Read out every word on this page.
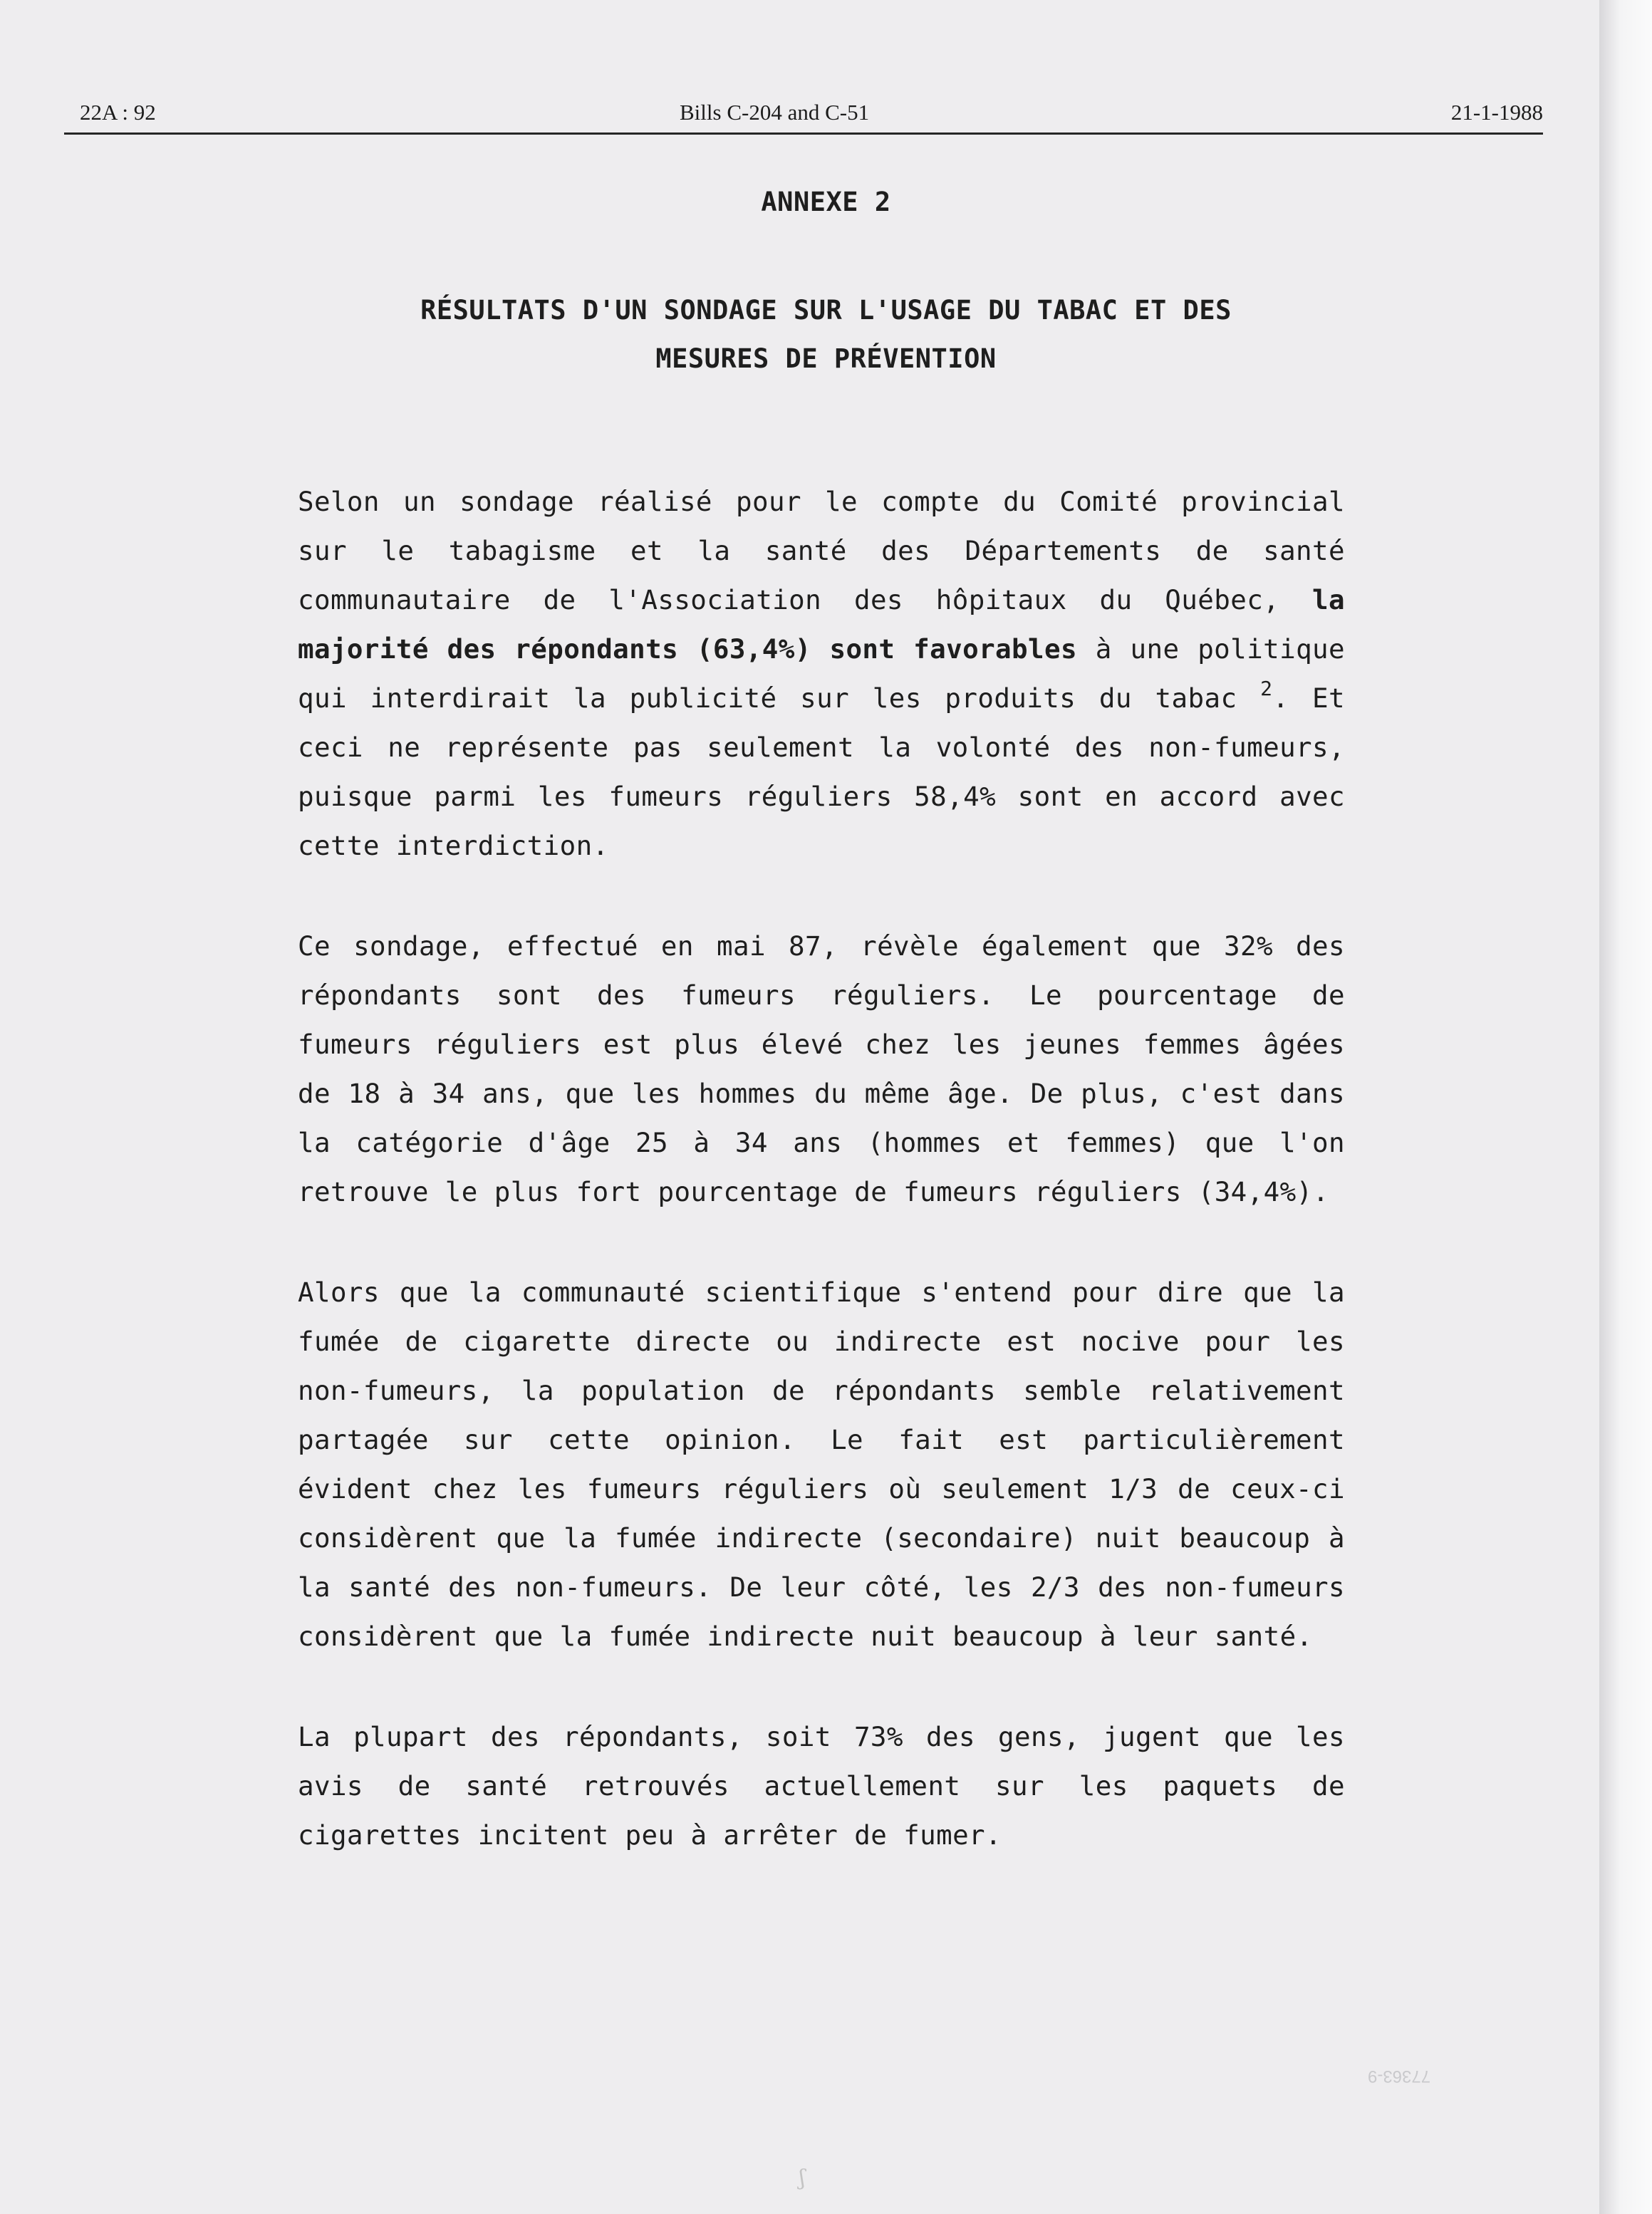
22A : 92	Bills C-204 and C-51	21-1-1988
ANNEXE 2
RÉSULTATS D'UN SONDAGE SUR L'USAGE DU TABAC ET DES
MESURES DE PRÉVENTION

Selon un sondage réalisé pour le compte du Comité provincial sur le tabagisme et la santé des Départements de santé communautaire de l'Association des hôpitaux du Québec, la majorité des répondants (63,4%) sont favorables à une politique qui interdirait la publicité sur les produits du tabac $^2$. Et ceci ne représente pas seulement la volonté des non-fumeurs, puisque parmi les fumeurs réguliers 58,4% sont en accord avec cette interdiction.

Ce sondage, effectué en mai 87, révèle également que 32% des répondants sont des fumeurs réguliers. Le pourcentage de fumeurs réguliers est plus élevé chez les jeunes femmes âgées de 18 à 34 ans, que les hommes du même âge. De plus, c'est dans la catégorie d'âge 25 à 34 ans (hommes et femmes) que l'on retrouve le plus fort pourcentage de fumeurs réguliers (34,4%).

Alors que la communauté scientifique s'entend pour dire que la fumée de cigarette directe ou indirecte est nocive pour les non-fumeurs, la population de répondants semble relativement partagée sur cette opinion. Le fait est particulièrement évident chez les fumeurs réguliers où seulement 1/3 de ceux-ci considèrent que la fumée indirecte (secondaire) nuit beaucoup à la santé des non-fumeurs. De leur côté, les 2/3 des non-fumeurs considèrent que la fumée indirecte nuit beaucoup à leur santé.

La plupart des répondants, soit 73% des gens, jugent que les avis de santé retrouvés actuellement sur les paquets de cigarettes incitent peu à arrêter de fumer.

77363-9
ʃ
